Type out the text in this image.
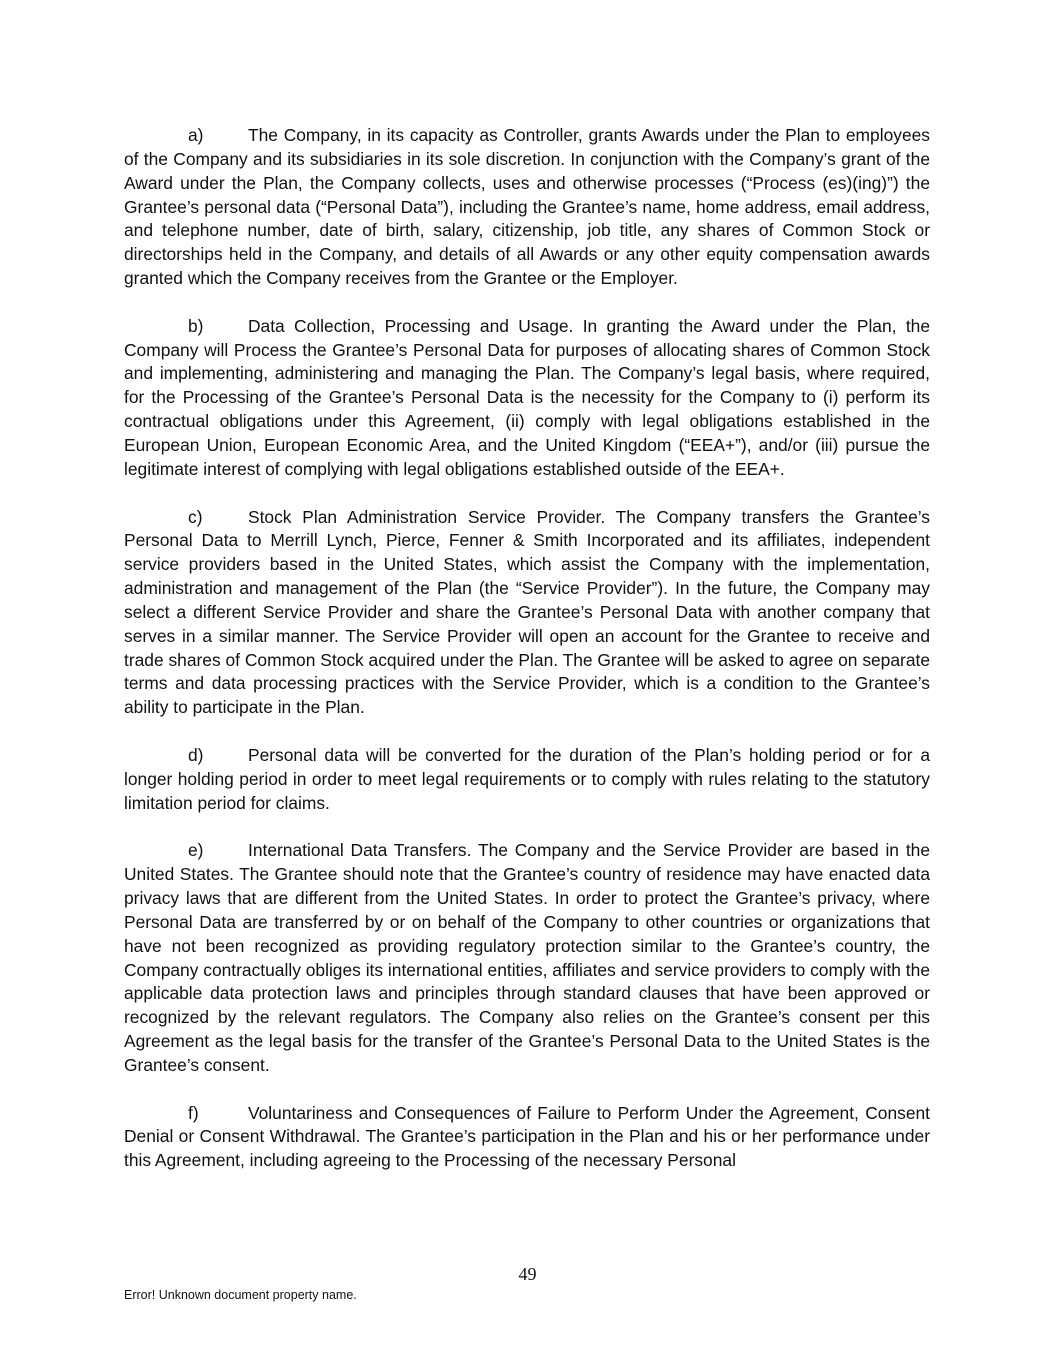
a)	The Company, in its capacity as Controller, grants Awards under the Plan to employees of the Company and its subsidiaries in its sole discretion. In conjunction with the Company’s grant of the Award under the Plan, the Company collects, uses and otherwise processes (“Process (es)(ing)”) the Grantee’s personal data (“Personal Data”), including the Grantee’s name, home address, email address, and telephone number, date of birth, salary, citizenship, job title, any shares of Common Stock or directorships held in the Company, and details of all Awards or any other equity compensation awards granted which the Company receives from the Grantee or the Employer.

b)	Data Collection, Processing and Usage. In granting the Award under the Plan, the Company will Process the Grantee’s Personal Data for purposes of allocating shares of Common Stock and implementing, administering and managing the Plan. The Company’s legal basis, where required, for the Processing of the Grantee’s Personal Data is the necessity for the Company to (i) perform its contractual obligations under this Agreement, (ii) comply with legal obligations established in the European Union, European Economic Area, and the United Kingdom (“EEA+”), and/or (iii) pursue the legitimate interest of complying with legal obligations established outside of the EEA+.

c)	Stock Plan Administration Service Provider. The Company transfers the Grantee’s Personal Data to Merrill Lynch, Pierce, Fenner & Smith Incorporated and its affiliates, independent service providers based in the United States, which assist the Company with the implementation, administration and management of the Plan (the “Service Provider”). In the future, the Company may select a different Service Provider and share the Grantee’s Personal Data with another company that serves in a similar manner. The Service Provider will open an account for the Grantee to receive and trade shares of Common Stock acquired under the Plan. The Grantee will be asked to agree on separate terms and data processing practices with the Service Provider, which is a condition to the Grantee’s ability to participate in the Plan.

d)	Personal data will be converted for the duration of the Plan’s holding period or for a longer holding period in order to meet legal requirements or to comply with rules relating to the statutory limitation period for claims.

e)	International Data Transfers. The Company and the Service Provider are based in the United States. The Grantee should note that the Grantee’s country of residence may have enacted data privacy laws that are different from the United States. In order to protect the Grantee’s privacy, where Personal Data are transferred by or on behalf of the Company to other countries or organizations that have not been recognized as providing regulatory protection similar to the Grantee’s country, the Company contractually obliges its international entities, affiliates and service providers to comply with the applicable data protection laws and principles through standard clauses that have been approved or recognized by the relevant regulators. The Company also relies on the Grantee’s consent per this Agreement as the legal basis for the transfer of the Grantee’s Personal Data to the United States is the Grantee’s consent.

f)	Voluntariness and Consequences of Failure to Perform Under the Agreement, Consent Denial or Consent Withdrawal. The Grantee’s participation in the Plan and his or her performance under this Agreement, including agreeing to the Processing of the necessary Personal

49
Error! Unknown document property name.
